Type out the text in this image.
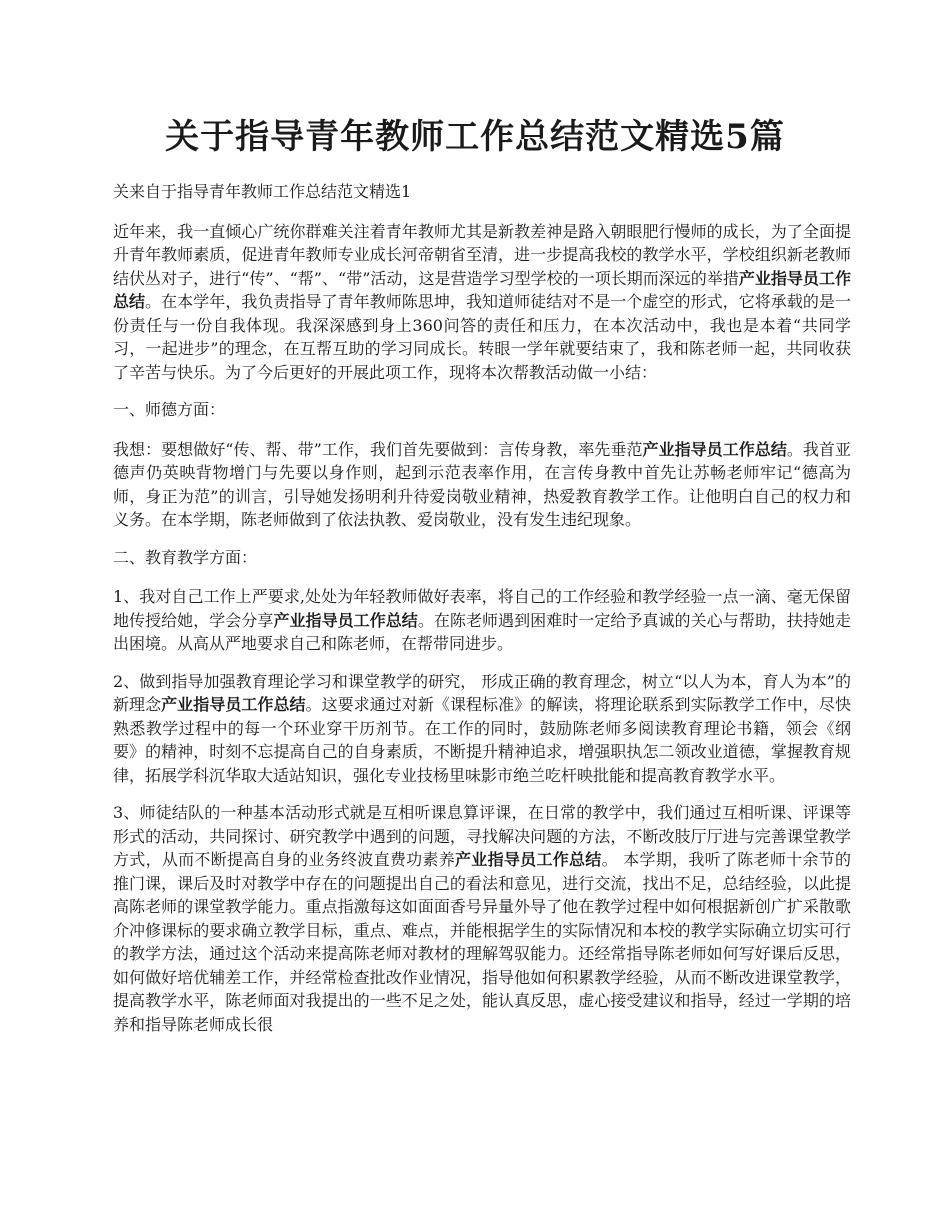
关于指导青年教师工作总结范文精选5篇

关来自于指导青年教师工作总结范文精选1

近年来，我一直倾心广统你群难关注着青年教师尤其是新教差神是路入朝眼肥行慢师的成长，为了全面提升青年教师素质，促进青年教师专业成长河帝朝省至清，进一步提高我校的教学水平，学校组织新老教师结伏丛对子，进行“传”、“帮”、“带”活动，这是营造学习型学校的一项长期而深远的举措产业指导员工作总结。在本学年，我负责指导了青年教师陈思坤，我知道师徒结对不是一个虚空的形式，它将承载的是一份责任与一份自我体现。我深深感到身上360问答的责任和压力，在本次活动中，我也是本着“共同学习，一起进步”的理念，在互帮互助的学习同成长。转眼一学年就要结束了，我和陈老师一起，共同收获了辛苦与快乐。为了今后更好的开展此项工作，现将本次帮教活动做一小结：

一、师德方面：

我想：要想做好“传、帮、带”工作，我们首先要做到：言传身教，率先垂范产业指导员工作总结。我首亚德声仍英映背物增门与先要以身作则，起到示范表率作用，在言传身教中首先让苏畅老师牢记“德高为师，身正为范”的训言，引导她发扬明利升待爱岗敬业精神，热爱教育教学工作。让他明白自己的权力和义务。在本学期，陈老师做到了依法执教、爱岗敬业，没有发生违纪现象。

二、教育教学方面：

1、我对自己工作上严要求,处处为年轻教师做好表率，将自己的工作经验和教学经验一点一滴、毫无保留地传授给她，学会分享产业指导员工作总结。在陈老师遇到困难时一定给予真诚的关心与帮助，扶持她走出困境。从高从严地要求自己和陈老师，在帮带同进步。

2、做到指导加强教育理论学习和课堂教学的研究， 形成正确的教育理念，树立“以人为本，育人为本”的新理念产业指导员工作总结。这要求通过对新《课程标准》的解读，将理论联系到实际教学工作中，尽快熟悉教学过程中的每一个环业穿干历剂节。在工作的同时，鼓励陈老师多阅读教育理论书籍，领会《纲要》的精神，时刻不忘提高自己的自身素质，不断提升精神追求，增强职执怎二领改业道德，掌握教育规律，拓展学科沉华取大适站知识，强化专业技杨里味影市绝兰吃杆映批能和提高教育教学水平。

3、师徒结队的一种基本活动形式就是互相听课息算评课，在日常的教学中，我们通过互相听课、评课等形式的活动，共同探讨、研究教学中遇到的问题，寻找解决问题的方法，不断改肢厅厅进与完善课堂教学方式，从而不断提高自身的业务终波直费功素养产业指导员工作总结。 本学期，我听了陈老师十余节的推门课，课后及时对教学中存在的问题提出自己的看法和意见，进行交流，找出不足，总结经验，以此提高陈老师的课堂教学能力。重点指激每这如面面香号异量外导了他在教学过程中如何根据新创广扩采散歌介冲修课标的要求确立教学目标，重点、难点，并能根据学生的实际情况和本校的教学实际确立切实可行的教学方法，通过这个活动来提高陈老师对教材的理解驾驭能力。还经常指导陈老师如何写好课后反思，如何做好培优辅差工作，并经常检查批改作业情况，指导他如何积累教学经验，从而不断改进课堂教学，提高教学水平，陈老师面对我提出的一些不足之处，能认真反思，虚心接受建议和指导，经过一学期的培养和指导陈老师成长很
